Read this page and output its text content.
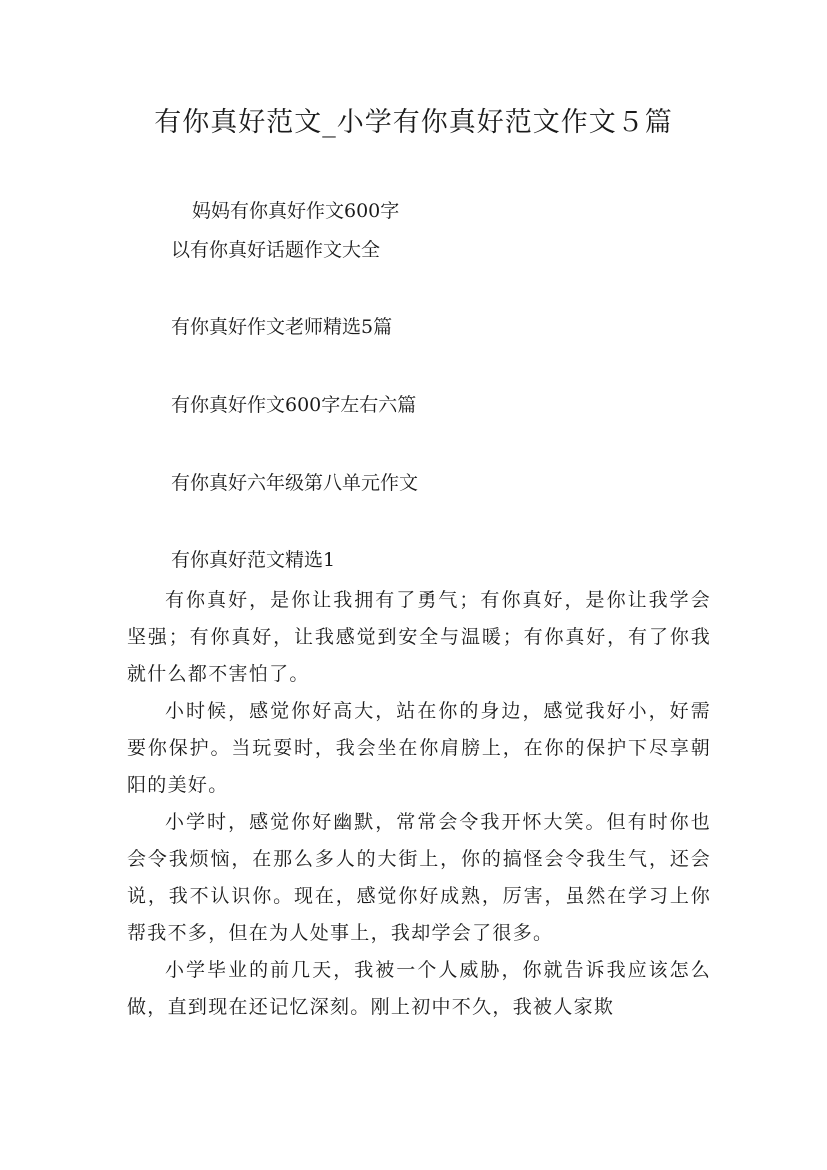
有你真好范文_小学有你真好范文作文５篇

妈妈有你真好作文600字

以有你真好话题作文大全

有你真好作文老师精选5篇

有你真好作文600字左右六篇

有你真好六年级第八单元作文

有你真好范文精选1

有你真好，是你让我拥有了勇气；有你真好，是你让我学会坚强；有你真好，让我感觉到安全与温暖；有你真好，有了你我就什么都不害怕了。

小时候，感觉你好高大，站在你的身边，感觉我好小，好需要你保护。当玩耍时，我会坐在你肩膀上，在你的保护下尽享朝阳的美好。

小学时，感觉你好幽默，常常会令我开怀大笑。但有时你也会令我烦恼，在那么多人的大街上，你的搞怪会令我生气，还会说，我不认识你。现在，感觉你好成熟，厉害，虽然在学习上你帮我不多，但在为人处事上，我却学会了很多。

小学毕业的前几天，我被一个人威胁，你就告诉我应该怎么做，直到现在还记忆深刻。刚上初中不久，我被人家欺
